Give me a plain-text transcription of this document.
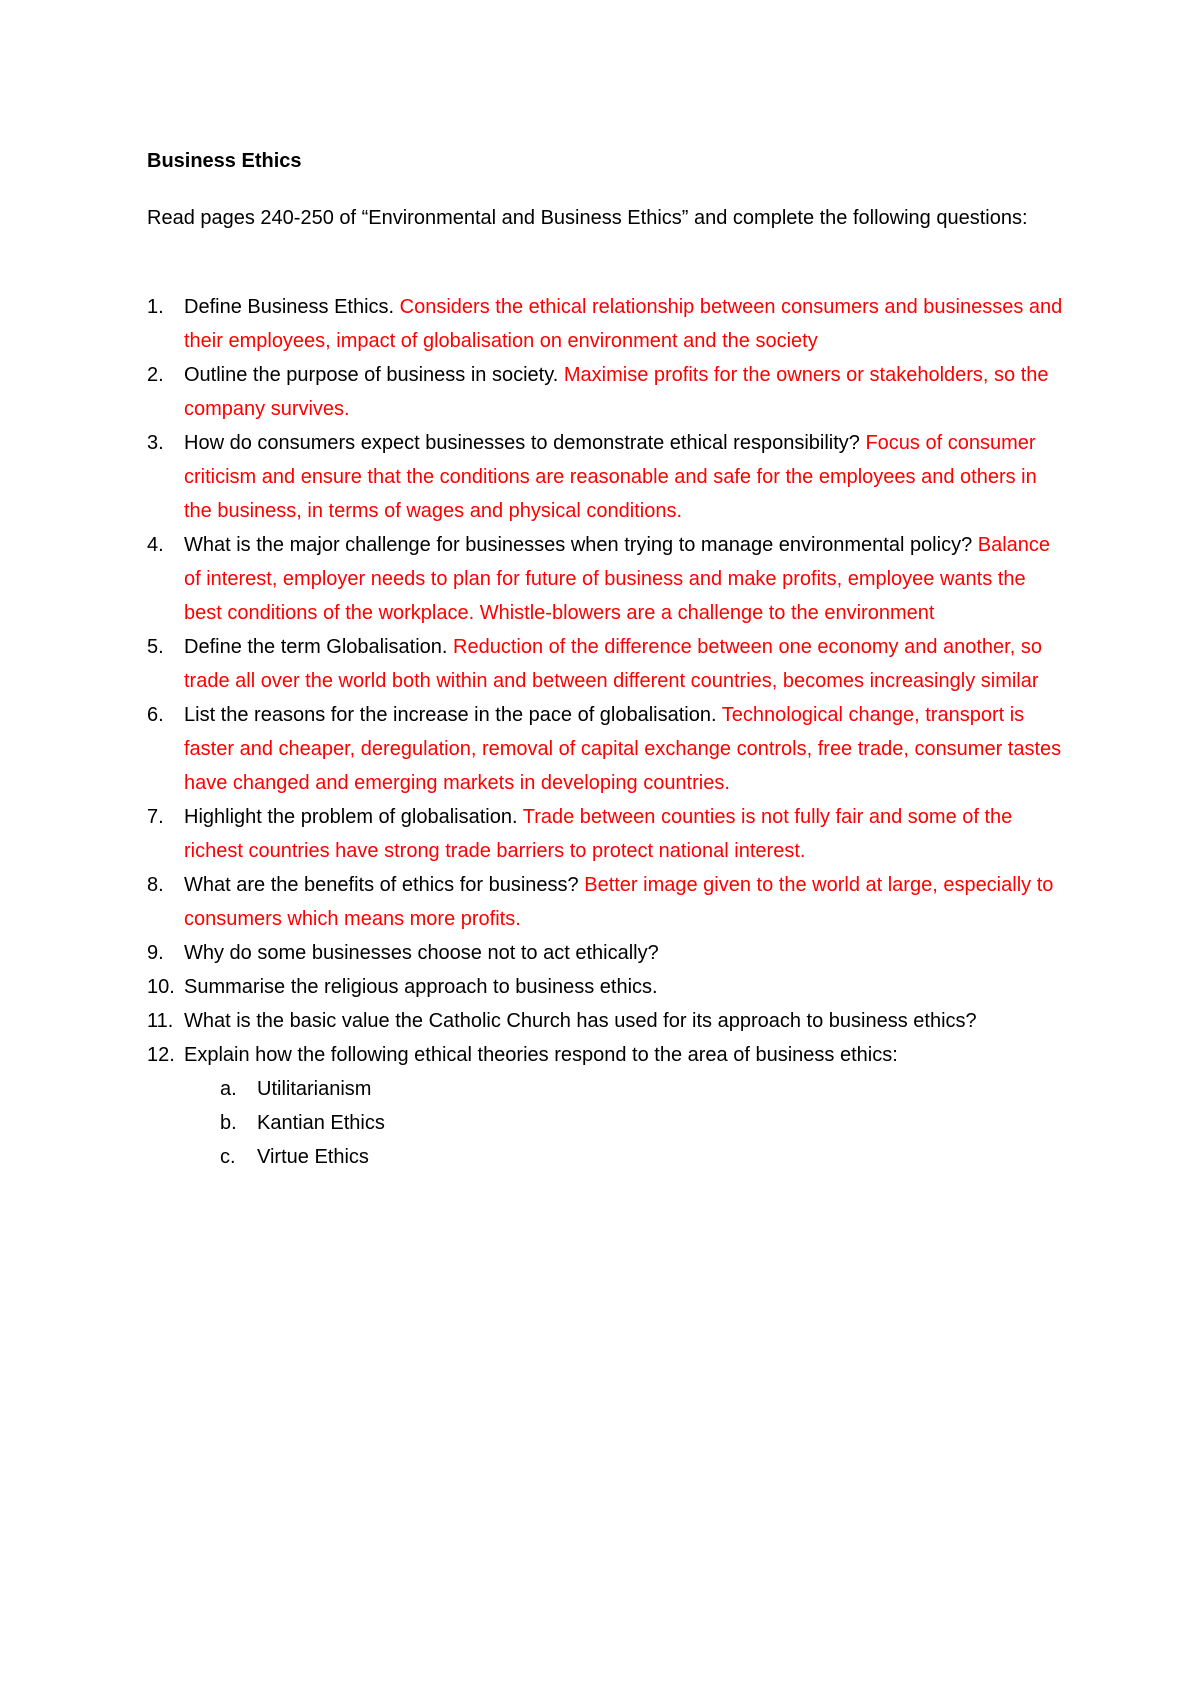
Business Ethics

Read pages 240-250 of “Environmental and Business Ethics” and complete the following questions:

1. Define Business Ethics. Considers the ethical relationship between consumers and businesses and their employees, impact of globalisation on environment and the society
2. Outline the purpose of business in society. Maximise profits for the owners or stakeholders, so the company survives.
3. How do consumers expect businesses to demonstrate ethical responsibility? Focus of consumer criticism and ensure that the conditions are reasonable and safe for the employees and others in the business, in terms of wages and physical conditions.
4. What is the major challenge for businesses when trying to manage environmental policy? Balance of interest, employer needs to plan for future of business and make profits, employee wants the best conditions of the workplace. Whistle-blowers are a challenge to the environment
5. Define the term Globalisation. Reduction of the difference between one economy and another, so trade all over the world both within and between different countries, becomes increasingly similar
6. List the reasons for the increase in the pace of globalisation. Technological change, transport is faster and cheaper, deregulation, removal of capital exchange controls, free trade, consumer tastes have changed and emerging markets in developing countries.
7. Highlight the problem of globalisation. Trade between counties is not fully fair and some of the richest countries have strong trade barriers to protect national interest.
8. What are the benefits of ethics for business? Better image given to the world at large, especially to consumers which means more profits.
9. Why do some businesses choose not to act ethically?
10. Summarise the religious approach to business ethics.
11. What is the basic value the Catholic Church has used for its approach to business ethics?
12. Explain how the following ethical theories respond to the area of business ethics:
a. Utilitarianism
b. Kantian Ethics
c. Virtue Ethics
